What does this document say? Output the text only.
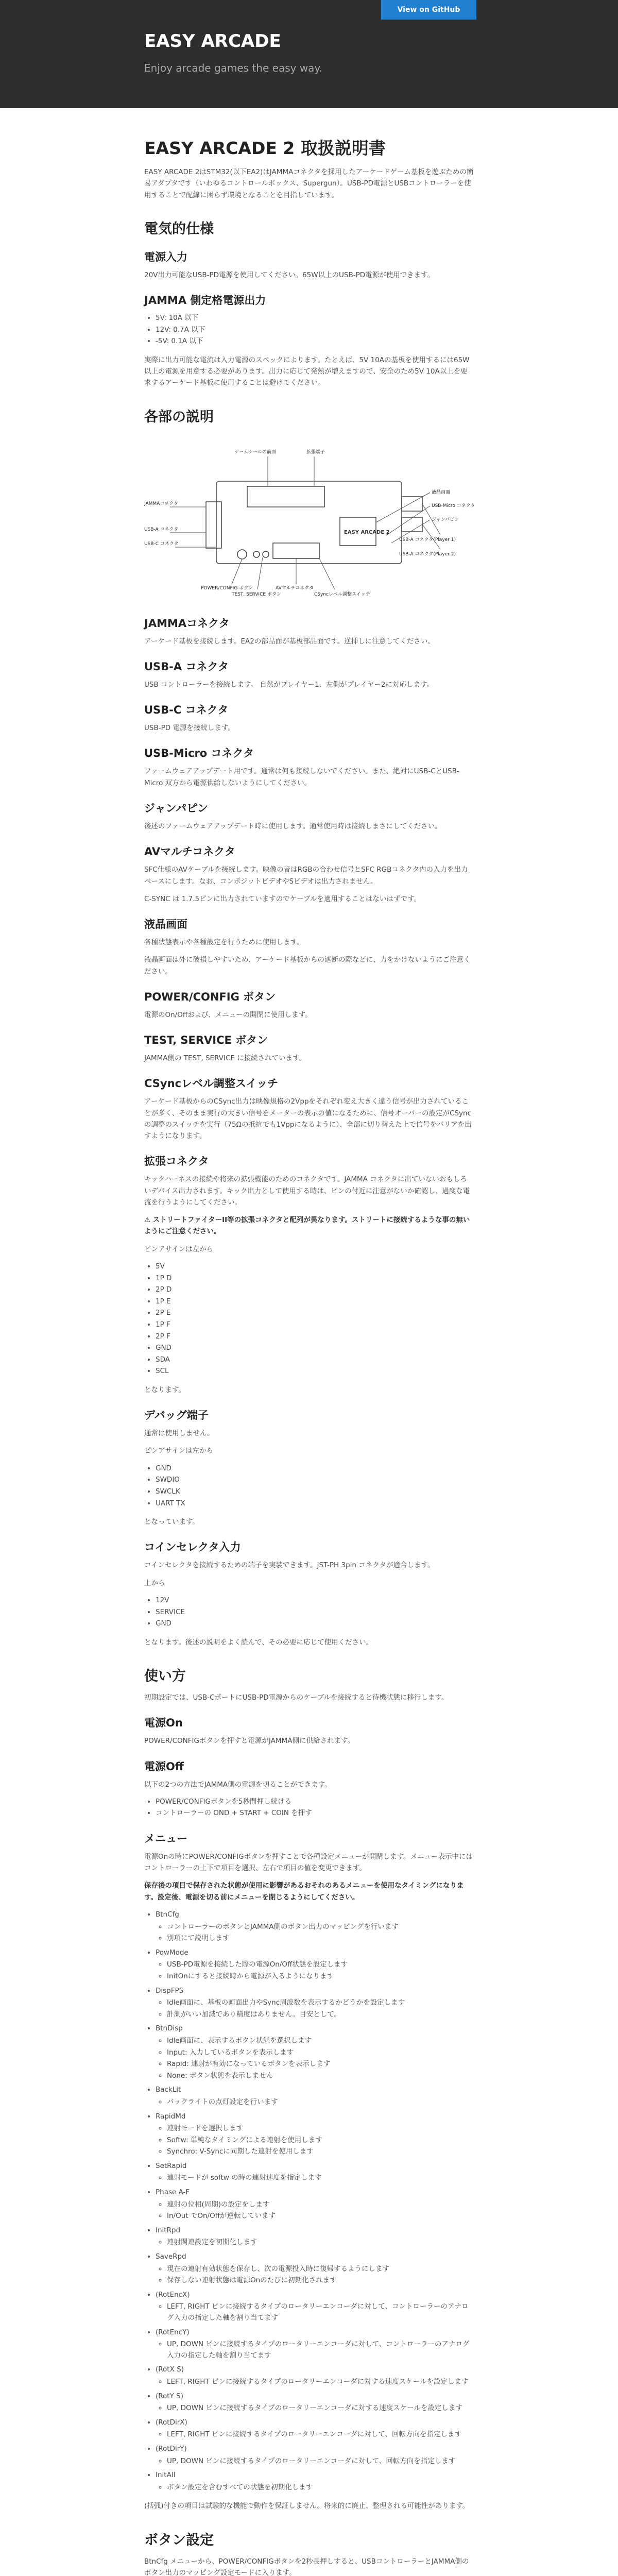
View on GitHub
EASY ARCADE
Enjoy arcade games the easy way.
EASY ARCADE 2 取扱説明書

EASY ARCADE 2はSTM32(以下EA2)はJAMMAコネクタを採用したアーケードゲーム基板を遊ぶための簡易アダプタです（いわゆるコントロールボックス、Supergun）。USB-PD電源とUSBコントローラーを使用することで配線に困らず環境となることを目指しています。

電気的仕様
電源入力

20V出力可能なUSB-PD電源を使用してください。65W以上のUSB-PD電源が使用できます。

JAMMA 側定格電源出力
• 5V: 10A 以下
• 12V: 0.7A 以下
• -5V: 0.1A 以下

実際に出力可能な電流は入力電源のスペックによります。たとえば、5V 10Aの基板を使用するには65W以上の電源を用意する必要があります。出力に応じて発熱が増えますので、安全のため5V 10A以上を要求するアーケード基板に使用することは避けてください。

各部の説明
ゲームシールの前面	拡張端子
JAMMAコネクタ
USB-A コネクタ
USB-C コネクタ
POWER/CONFIG ボタン
TEST, SERVICE ボタン
AVマルチコネクタ
CSyncレベル調整スイッチ
液晶画面
USB-Micro コネクタ
ジャンパピン
USB-A コネクタ(Player 1)
USB-A コネクタ(Player 2)
EASY ARCADE 2
JAMMAコネクタ

アーケード基板を接続します。EA2の部品面が基板部品面です。逆挿しに注意してください。

USB-A コネクタ

USB コントローラーを接続します。 自然がプレイヤー1、左側がプレイヤー2に対応します。

USB-C コネクタ

USB-PD 電源を接続します。

USB-Micro コネクタ

ファームウェアアップデート用です。通常は何も接続しないでください。また、絶対にUSB-CとUSB-Micro 双方から電源供給しないようにしてください。

ジャンパピン

後述のファームウェアアップデート時に使用します。通常使用時は接続しまさにしてください。

AVマルチコネクタ

SFC仕様のAVケーブルを接続します。映像の音はRGBの合わせ信号とSFC RGBコネクタ内の入力を出力ベースにします。なお、コンポジットビデオやSビデオは出力されません。

C-SYNC は 1.7.5ピンに出力されていますのでケーブルを適用することはないはずです。

液晶画面

各種状態表示や各種設定を行うために使用します。

液晶画面は外に破損しやすいため、アーケード基板からの遮断の際などに、力をかけないようにご注意ください。

POWER/CONFIG ボタン

電源のOn/Offおよび、メニューの開閉に使用します。

TEST, SERVICE ボタン

JAMMA側の TEST, SERVICE に接続されています。

CSyncレベル調整スイッチ

アーケード基板からのCSync出力は映像規格の2Vppをそれぞれ変え大きく違う信号が出力されていることが多く、そのまま実行の大きい信号をメーターの表示の値になるために、信号オーバーの設定がCSyncの調整のスイッチを実行（75Ωの抵抗でも1Vppになるように）、全部に切り替えた上で信号をバリアを出すようになります。

拡張コネクタ

キックハーネスの接続や将来の拡張機能のためのコネクタです。JAMMA コネクタに出ていないおもしろいデバイス出力されます。キック出力として使用する時は、ピンの付近に注意がないか確認し、過度な電流を行うようにしてください。

⚠ ストリートファイターII等の拡張コネクタと配列が異なります。ストリートに接続するような事の無いようにご注意ください。

ピンアサインは左から

• 5V
• 1P D
• 2P D
• 1P E
• 2P E
• 1P F
• 2P F
• GND
• SDA
• SCL

となります。

デバッグ端子

通常は使用しません。

ピンアサインは左から

• GND
• SWDIO
• SWCLK
• UART TX

となっています。

コインセレクタ入力

コインセレクタを接続するための端子を実装できます。JST-PH 3pin コネクタが適合します。

上から

• 12V
• SERVICE
• GND

となります。後述の説明をよく読んで、その必要に応じて使用ください。

使い方

初期設定では、USB-CポートにUSB-PD電源からのケーブルを接続すると待機状態に移行します。

電源On

POWER/CONFIGボタンを押すと電源がJAMMA側に供給されます。

電源Off

以下の2つの方法でJAMMA側の電源を切ることができます。

• POWER/CONFIGボタンを5秒間押し続ける
• コントローラーの OND + START + COIN を押す
メニュー

電源Onの時にPOWER/CONFIGボタンを押すことで各種設定メニューが開閉します。メニュー表示中にはコントローラーの上下で項目を選択、左右で項目の値を変更できます。

保存後の項目で保存された状態が使用に影響があるおそれのあるメニューを使用なタイミングになります。設定後、電源を切る前にメニューを閉じるようにしてください。

• BtnCfg
◦ コントローラーのボタンとJAMMA側のボタン出力のマッピングを行います
◦ 別項にて説明します
• PowMode
◦ USB-PD電源を接続した際の電源On/Off状態を設定します
◦ InitOnにすると接続時から電源が入るようになります
• DispFPS
◦ Idle画面に、基板の画面出力やSync周波数を表示するかどうかを設定します
◦ 計測がいい加減であり精度はありません。目安として。
• BtnDisp
◦ Idle画面に、表示するボタン状態を選択します
◦ Input: 入力しているボタンを表示します
◦ Rapid: 連射が有効になっているボタンを表示します
◦ None: ボタン状態を表示しません
• BackLit
◦ バックライトの点灯設定を行います
• RapidMd
◦ 連射モードを選択します
◦ Softw: 単純なタイミングによる連射を使用します
◦ Synchro: V-Syncに同期した連射を使用します
• SetRapid
◦ 連射モードが softw の時の連射速度を指定します
• Phase A-F
◦ 連射の位相(周期)の設定をします
◦ In/Out でOn/Offが逆転しています
• InitRpd
◦ 連射関連設定を初期化します
• SaveRpd
◦ 現在の連射有効状態を保存し、次の電源投入時に復帰するようにします
◦ 保存しない連射状態は電源Onのたびに初期化されます
• (RotEncX)
◦ LEFT, RIGHT ピンに接続するタイプのロータリーエンコーダに対して、コントローラーのアナログ入力の指定した軸を割り当てます
• (RotEncY)
◦ UP, DOWN ピンに接続するタイプのロータリーエンコーダに対して、コントローラーのアナログ入力の指定した軸を割り当てます
• (RotX S)
◦ LEFT, RIGHT ピンに接続するタイプのロータリーエンコーダに対する速度スケールを設定します
• (RotY S)
◦ UP, DOWN ピンに接続するタイプのロータリーエンコーダに対する速度スケールを設定します
• (RotDirX)
◦ LEFT, RIGHT ピンに接続するタイプのロータリーエンコーダに対して、回転方向を指定します
• (RotDirY)
◦ UP, DOWN ピンに接続するタイプのロータリーエンコーダに対して、回転方向を指定します
• InitAll
◦ ボタン設定を含むすべての状態を初期化します

(括弧)付きの項目は試験的な機能で動作を保証しません。将来的に廃止、整理される可能性があります。

ボタン設定

BtnCfg メニューから、POWER/CONFIGボタンを2秒長押しすると、USBコントローラーとJAMMA側のボタン出力のマッピング設定モードに入ります。
